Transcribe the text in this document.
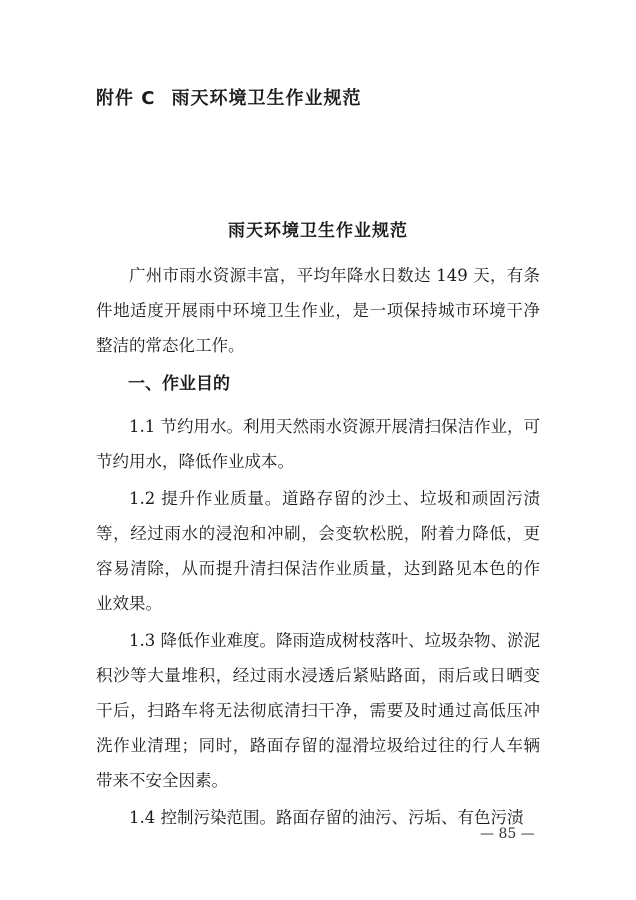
附件 C 雨天环境卫生作业规范
雨天环境卫生作业规范

广州市雨水资源丰富，平均年降水日数达 149 天，有条件地适度开展雨中环境卫生作业，是一项保持城市环境干净整洁的常态化工作。

一、作业目的

1.1 节约用水。利用天然雨水资源开展清扫保洁作业，可节约用水，降低作业成本。

1.2 提升作业质量。道路存留的沙土、垃圾和顽固污渍等，经过雨水的浸泡和冲刷，会变软松脱，附着力降低，更容易清除，从而提升清扫保洁作业质量，达到路见本色的作业效果。

1.3 降低作业难度。降雨造成树枝落叶、垃圾杂物、淤泥积沙等大量堆积，经过雨水浸透后紧贴路面，雨后或日晒变干后，扫路车将无法彻底清扫干净，需要及时通过高低压冲洗作业清理；同时，路面存留的湿滑垃圾给过往的行人车辆带来不安全因素。

1.4 控制污染范围。路面存留的油污、污垢、有色污渍

— 85 —
